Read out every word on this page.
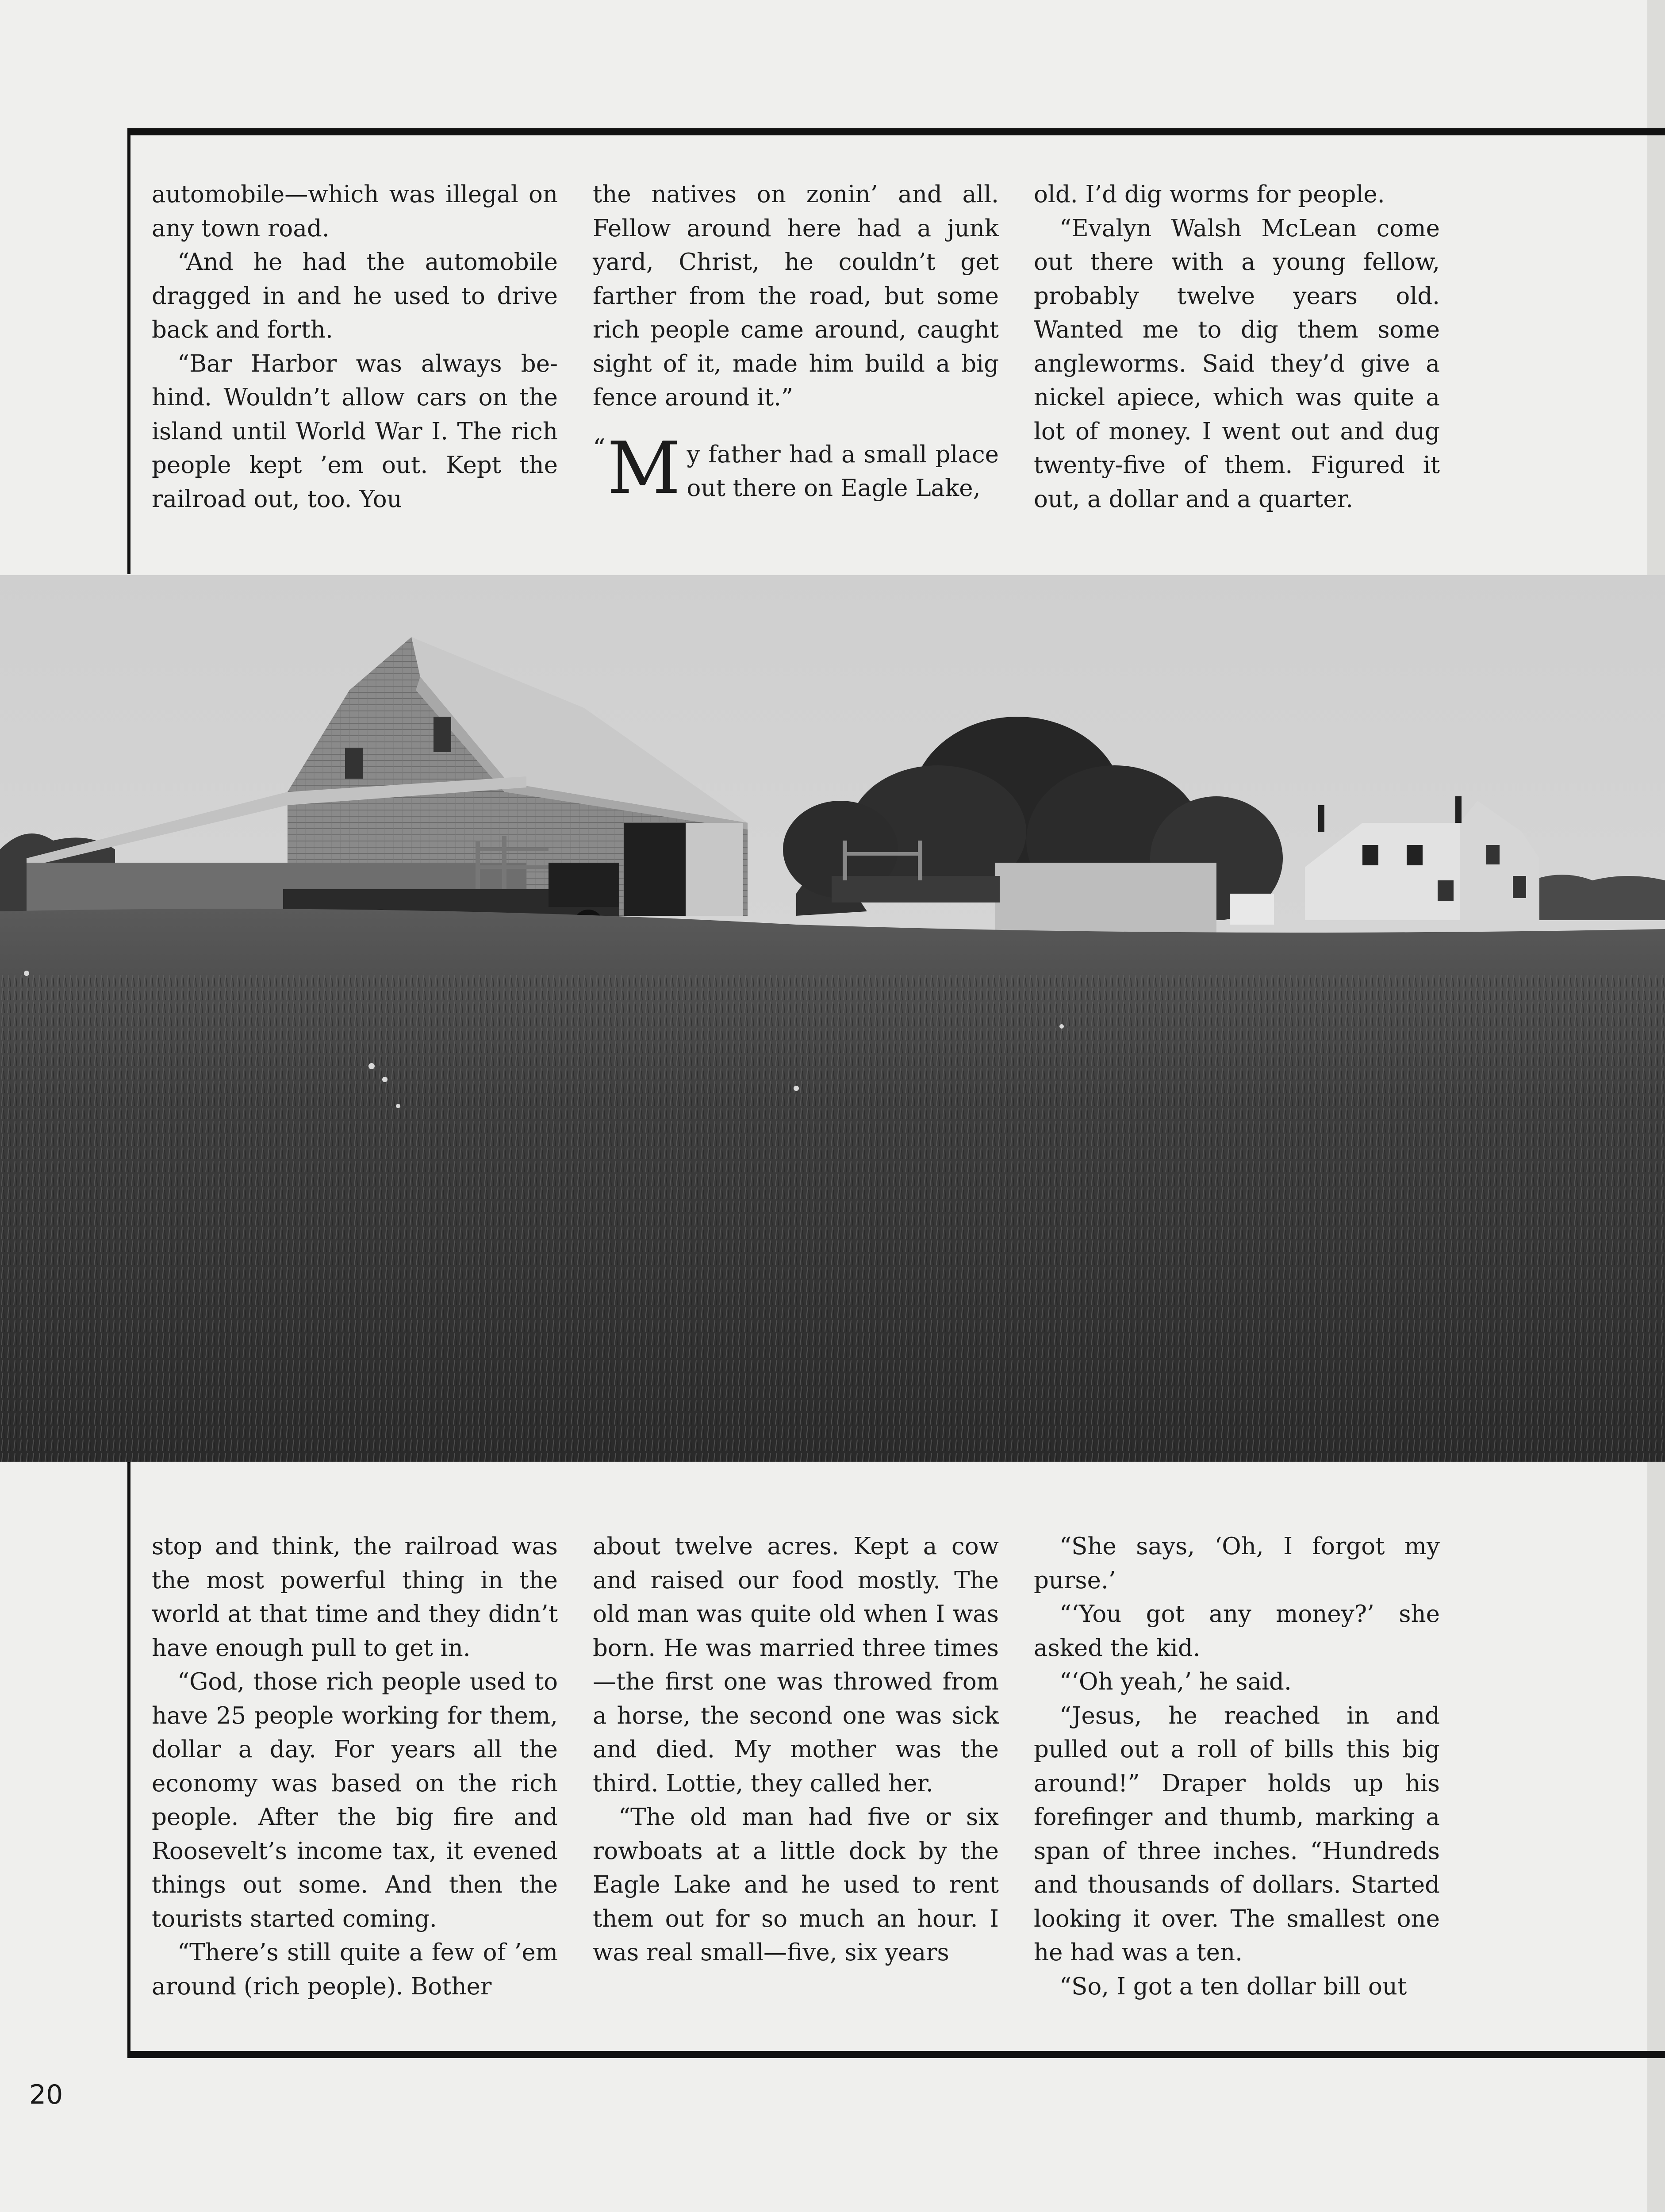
automobile—which was illegal on any town road.

“And he had the automobile dragged in and he used to drive back and forth.

“Bar Harbor was always be-hind. Wouldn’t allow cars on the island until World War I. The rich people kept ’em out. Kept the railroad out, too. You

the natives on zonin’ and all. Fellow around here had a junk yard, Christ, he couldn’t get farther from the road, but some rich people came around, caught sight of it, made him build a big fence around it.”

“ M y father had a small place out there on Eagle Lake,

old. I’d dig worms for people.

“Evalyn Walsh McLean come out there with a young fellow, probably twelve years old. Wanted me to dig them some angleworms. Said they’d give a nickel apiece, which was quite a lot of money. I went out and dug twenty-five of them. Figured it out, a dollar and a quarter.

stop and think, the railroad was the most powerful thing in the world at that time and they didn’t have enough pull to get in.

“God, those rich people used to have 25 people working for them, dollar a day. For years all the economy was based on the rich people. After the big fire and Roosevelt’s income tax, it evened things out some. And then the tourists started coming.

“There’s still quite a few of ’em around (rich people). Bother

about twelve acres. Kept a cow and raised our food mostly. The old man was quite old when I was born. He was married three times—the first one was throwed from a horse, the second one was sick and died. My mother was the third. Lottie, they called her.

“The old man had five or six rowboats at a little dock by the Eagle Lake and he used to rent them out for so much an hour. I was real small—five, six years

“She says, ‘Oh, I forgot my purse.’

“‘You got any money?’ she asked the kid.

“‘Oh yeah,’ he said.

“Jesus, he reached in and pulled out a roll of bills this big around!” Draper holds up his forefinger and thumb, marking a span of three inches. “Hundreds and thousands of dollars. Started looking it over. The smallest one he had was a ten.

“So, I got a ten dollar bill out

20
